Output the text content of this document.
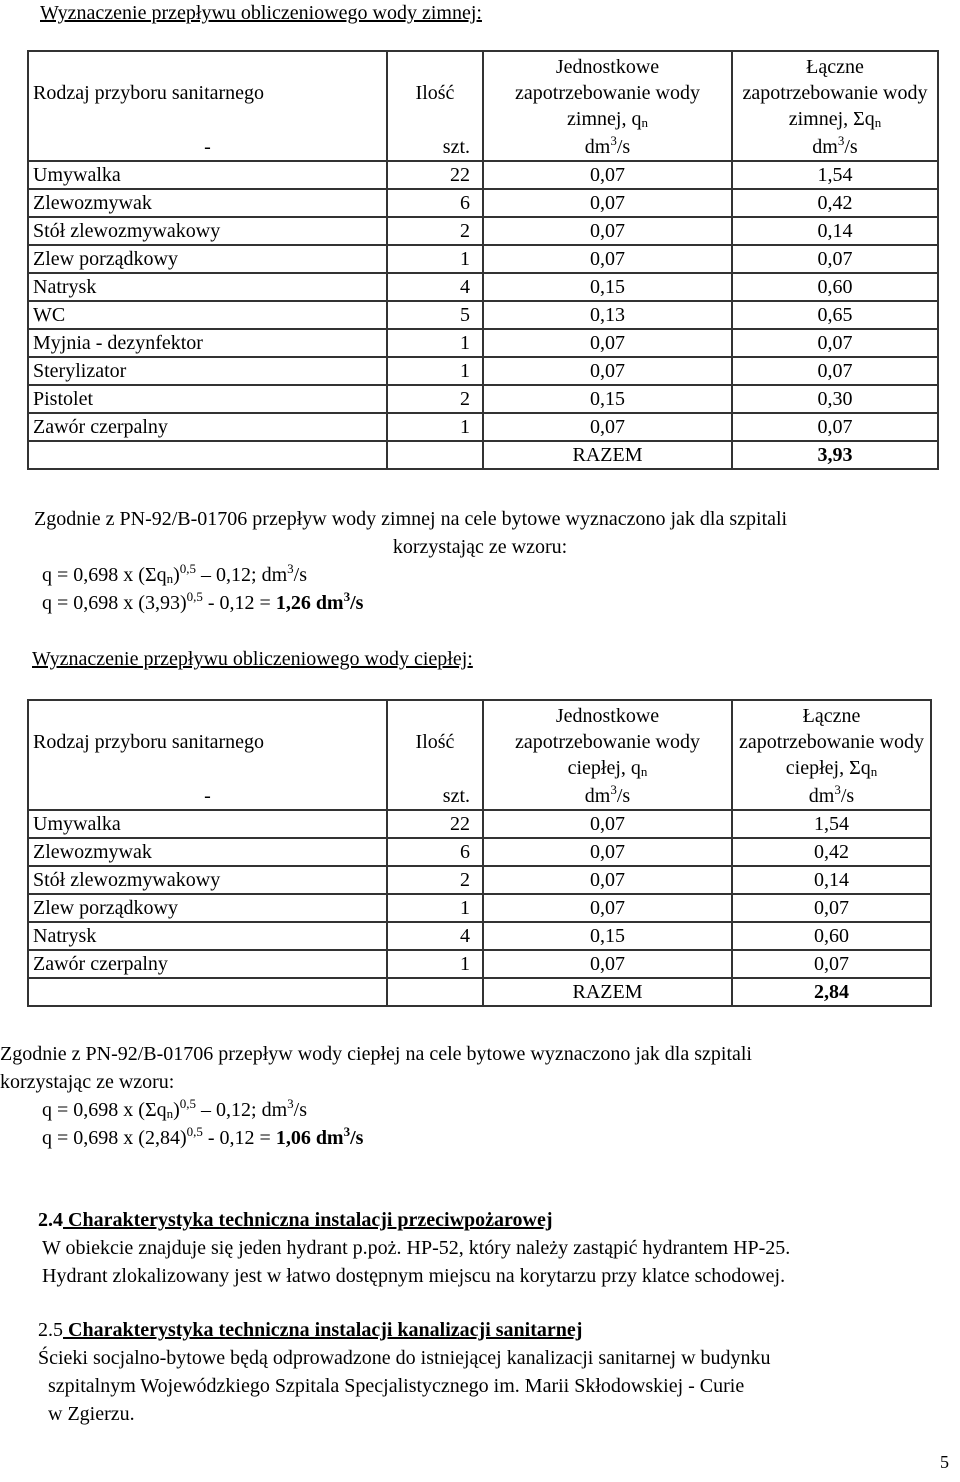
Wyznaczenie przepływu obliczeniowego wody zimnej:
Rodzaj przyboru sanitarnego	Ilość	Jednostkowe zapotrzebowanie wody zimnej, $q_n$	Łączne zapotrzebowanie wody zimnej, $\Sigma q_n$
-	szt.	$dm^3/s$	$dm^3/s$
Umywalka	22	0,07	1,54
Zlewozmywak	6	0,07	0,42
Stół zlewozmywakowy	2	0,07	0,14
Zlew porządkowy	1	0,07	0,07
Natrysk	4	0,15	0,60
WC	5	0,13	0,65
Myjnia - dezynfektor	1	0,07	0,07
Sterylizator	1	0,07	0,07
Pistolet	2	0,15	0,30
Zawór czerpalny	1	0,07	0,07
		RAZEM	3,93
Zgodnie z PN-92/B-01706 przepływ wody zimnej na cele bytowe wyznaczono jak dla szpitali
korzystając ze wzoru:
q = 0,698 x $(\Sigma q_n)^{0,5} - 0,12$; $dm^3/s$
q = 0,698 x $(3,93)^{0,5} - 0,12 = 1,26$ $dm^3/s$
Wyznaczenie przepływu obliczeniowego wody ciepłej:
Rodzaj przyboru sanitarnego	Ilość	Jednostkowe zapotrzebowanie wody ciepłej, $q_n$	Łączne zapotrzebowanie wody ciepłej, $\Sigma q_n$
-	szt.	$dm^3/s$	$dm^3/s$
Umywalka	22	0,07	1,54
Zlewozmywak	6	0,07	0,42
Stół zlewozmywakowy	2	0,07	0,14
Zlew porządkowy	1	0,07	0,07
Natrysk	4	0,15	0,60
Zawór czerpalny	1	0,07	0,07
		RAZEM	2,84
Zgodnie z PN-92/B-01706 przepływ wody ciepłej na cele bytowe wyznaczono jak dla szpitali
korzystając ze wzoru:
q = 0,698 x $(\Sigma q_n)^{0,5} - 0,12$; $dm^3/s$
q = 0,698 x $(2,84)^{0,5} - 0,12 = 1,06$ $dm^3/s$
2.4 Charakterystyka techniczna instalacji przeciwpożarowej
W obiekcie znajduje się jeden hydrant p.poż. HP-52, który należy zastąpić hydrantem HP-25.
Hydrant zlokalizowany jest w łatwo dostępnym miejscu na korytarzu przy klatce schodowej.
2.5 Charakterystyka techniczna instalacji kanalizacji sanitarnej
Ścieki socjalno-bytowe będą odprowadzone do istniejącej kanalizacji sanitarnej w budynku
szpitalnym Wojewódzkiego Szpitala Specjalistycznego im. Marii Skłodowskiej - Curie
w Zgierzu.
5
